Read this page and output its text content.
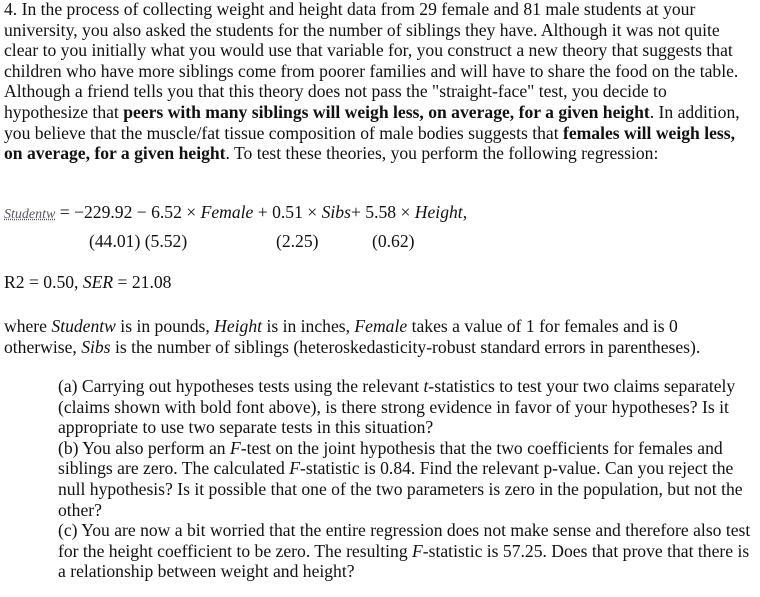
4. In the process of collecting weight and height data from 29 female and 81 male students at your university, you also asked the students for the number of siblings they have. Although it was not quite clear to you initially what you would use that variable for, you construct a new theory that suggests that children who have more siblings come from poorer families and will have to share the food on the table. Although a friend tells you that this theory does not pass the "straight-face" test, you decide to hypothesize that peers with many siblings will weigh less, on average, for a given height. In addition, you believe that the muscle/fat tissue composition of male bodies suggests that females will weigh less, on average, for a given height. To test these theories, you perform the following regression:
Studentw = −229.92 − 6.52 × Female + 0.51 × Sibs+ 5.58 × Height,
(44.01) (5.52)	(2.25)	(0.62)
R2 = 0.50, SER = 21.08
where Studentw is in pounds, Height is in inches, Female takes a value of 1 for females and is 0 otherwise, Sibs is the number of siblings (heteroskedasticity-robust standard errors in parentheses).
(a) Carrying out hypotheses tests using the relevant t-statistics to test your two claims separately (claims shown with bold font above), is there strong evidence in favor of your hypotheses? Is it appropriate to use two separate tests in this situation?
(b) You also perform an F-test on the joint hypothesis that the two coefficients for females and siblings are zero. The calculated F-statistic is 0.84. Find the relevant p-value. Can you reject the null hypothesis? Is it possible that one of the two parameters is zero in the population, but not the other?
(c) You are now a bit worried that the entire regression does not make sense and therefore also test for the height coefficient to be zero. The resulting F-statistic is 57.25. Does that prove that there is a relationship between weight and height?
